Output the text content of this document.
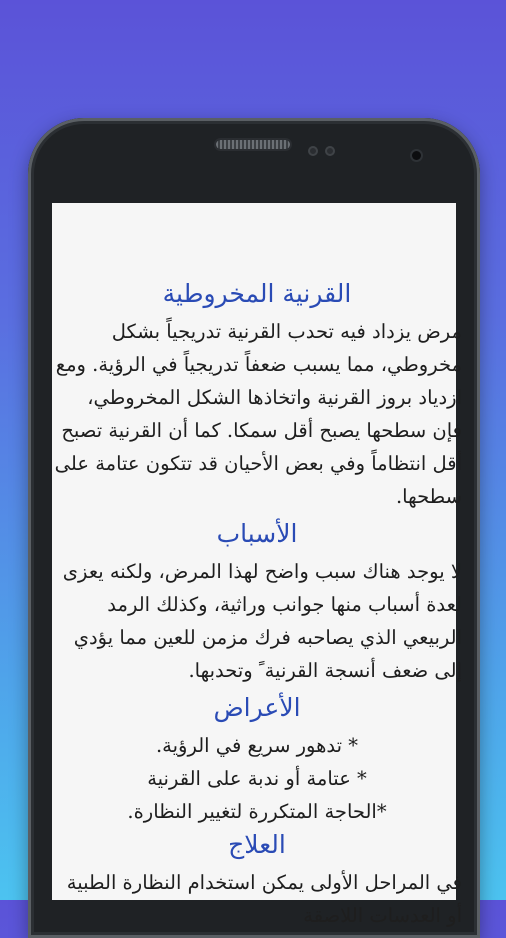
القرنية المخروطية
مرض يزداد فيه تحدب القرنية تدريجياً بشكل مخروطي، مما يسبب ضعفاً تدريجياً في الرؤية. ومع ازدياد بروز القرنية واتخاذها الشكل المخروطي، فإن سطحها يصبح أقل سمكا. كما أن القرنية تصبح أقل انتظاماً وفي بعض الأحيان قد تتكون عتامة على سطحها.
الأسباب
لا يوجد هناك سبب واضح لهذا المرض، ولكنه يعزى لعدة أسباب منها جوانب وراثية، وكذلك الرمد الربيعي الذي يصاحبه فرك مزمن للعين مما يؤدي إلى ضعف أنسجة القرنية ً وتحدبها.
الأعراض
* تدهور سريع في الرؤية.
* عتامة أو ندبة على القرنية
*الحاجة المتكررة لتغيير النظارة.
العلاج
في المراحل الأولى يمكن استخدام النظارة الطبية أو العدسات اللاصقة
